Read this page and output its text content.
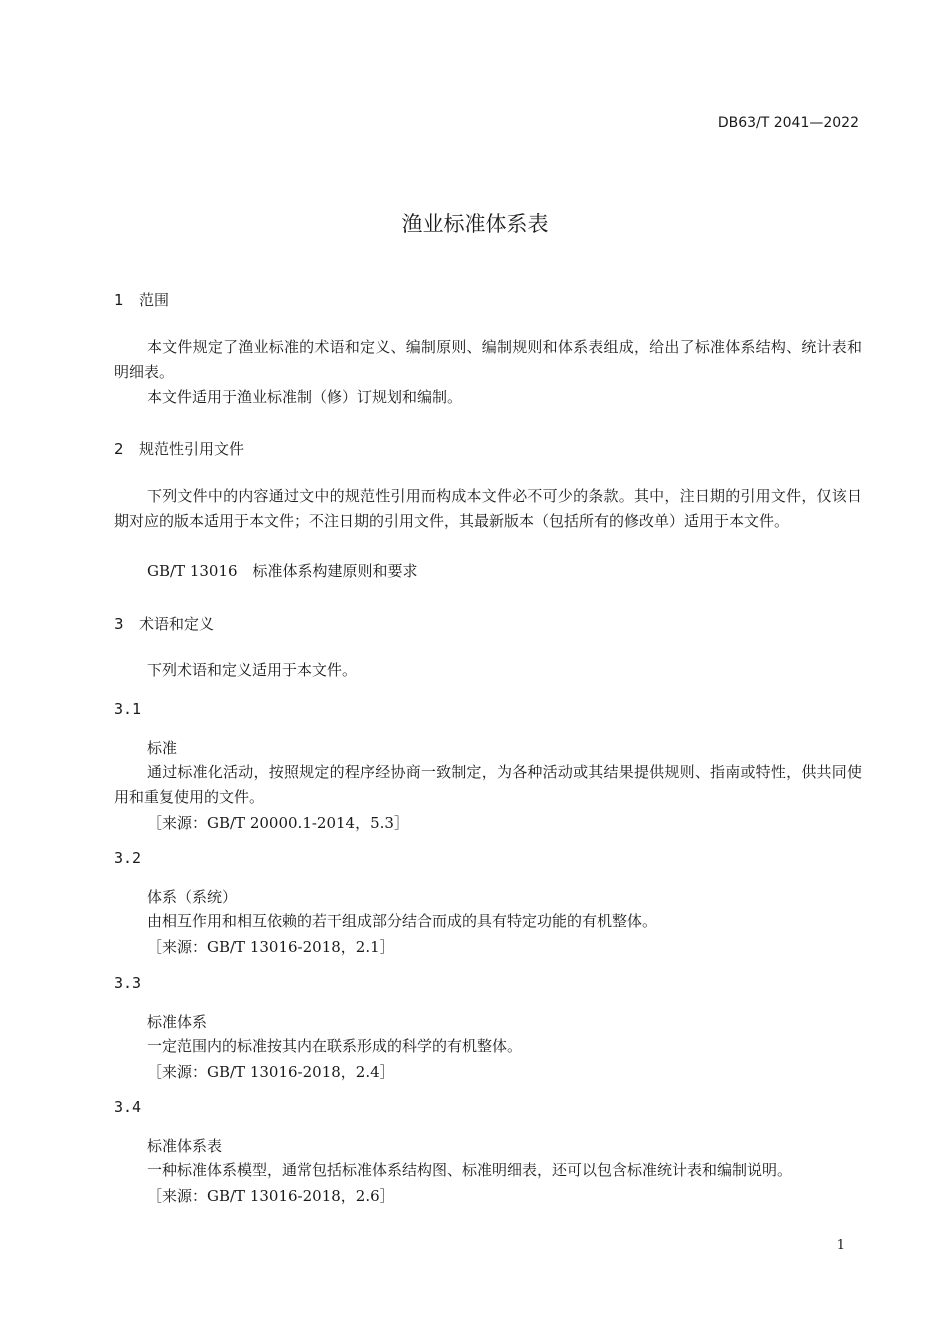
DB63/T 2041—2022
渔业标准体系表
1 范围
本文件规定了渔业标准的术语和定义、编制原则、编制规则和体系表组成，给出了标准体系结构、统计表和明细表。
本文件适用于渔业标准制（修）订规划和编制。
2 规范性引用文件
下列文件中的内容通过文中的规范性引用而构成本文件必不可少的条款。其中，注日期的引用文件，仅该日期对应的版本适用于本文件；不注日期的引用文件，其最新版本（包括所有的修改单）适用于本文件。
GB/T 13016　标准体系构建原则和要求
3 术语和定义
下列术语和定义适用于本文件。
3.1
标准
通过标准化活动，按照规定的程序经协商一致制定，为各种活动或其结果提供规则、指南或特性，供共同使用和重复使用的文件。
［来源：GB/T 20000.1-2014，5.3］
3.2
体系（系统）
由相互作用和相互依赖的若干组成部分结合而成的具有特定功能的有机整体。
［来源：GB/T 13016-2018，2.1］
3.3
标准体系
一定范围内的标准按其内在联系形成的科学的有机整体。
［来源：GB/T 13016-2018，2.4］
3.4
标准体系表
一种标准体系模型，通常包括标准体系结构图、标准明细表，还可以包含标准统计表和编制说明。
［来源：GB/T 13016-2018，2.6］
1
